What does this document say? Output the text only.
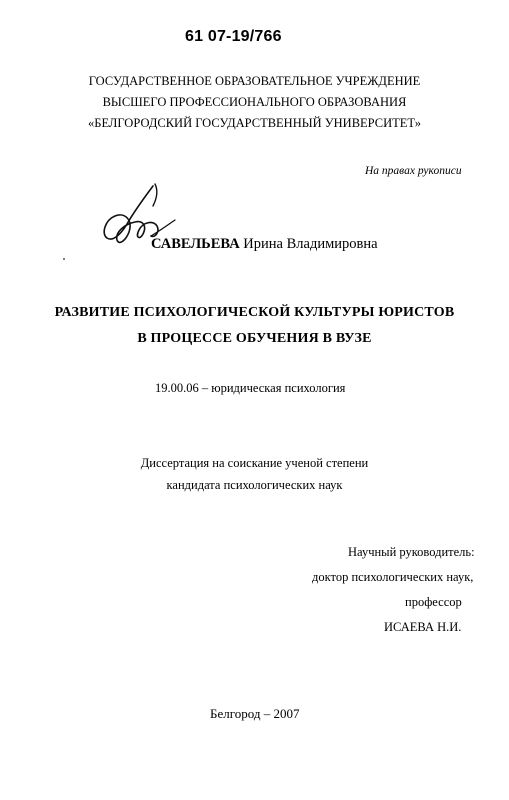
61 07-19/766
ГОСУДАРСТВЕННОЕ ОБРАЗОВАТЕЛЬНОЕ УЧРЕЖДЕНИЕ
ВЫСШЕГО ПРОФЕССИОНАЛЬНОГО ОБРАЗОВАНИЯ
«БЕЛГОРОДСКИЙ ГОСУДАРСТВЕННЫЙ УНИВЕРСИТЕТ»
На правах рукописи
САВЕЛЬЕВА Ирина Владимировна
РАЗВИТИЕ ПСИХОЛОГИЧЕСКОЙ КУЛЬТУРЫ ЮРИСТОВ
В ПРОЦЕССЕ ОБУЧЕНИЯ В ВУЗЕ
19.00.06 – юридическая психология
Диссертация на соискание ученой степени
кандидата психологических наук
Научный руководитель:
доктор психологических наук,
профессор
ИСАЕВА Н.И.
Белгород – 2007
